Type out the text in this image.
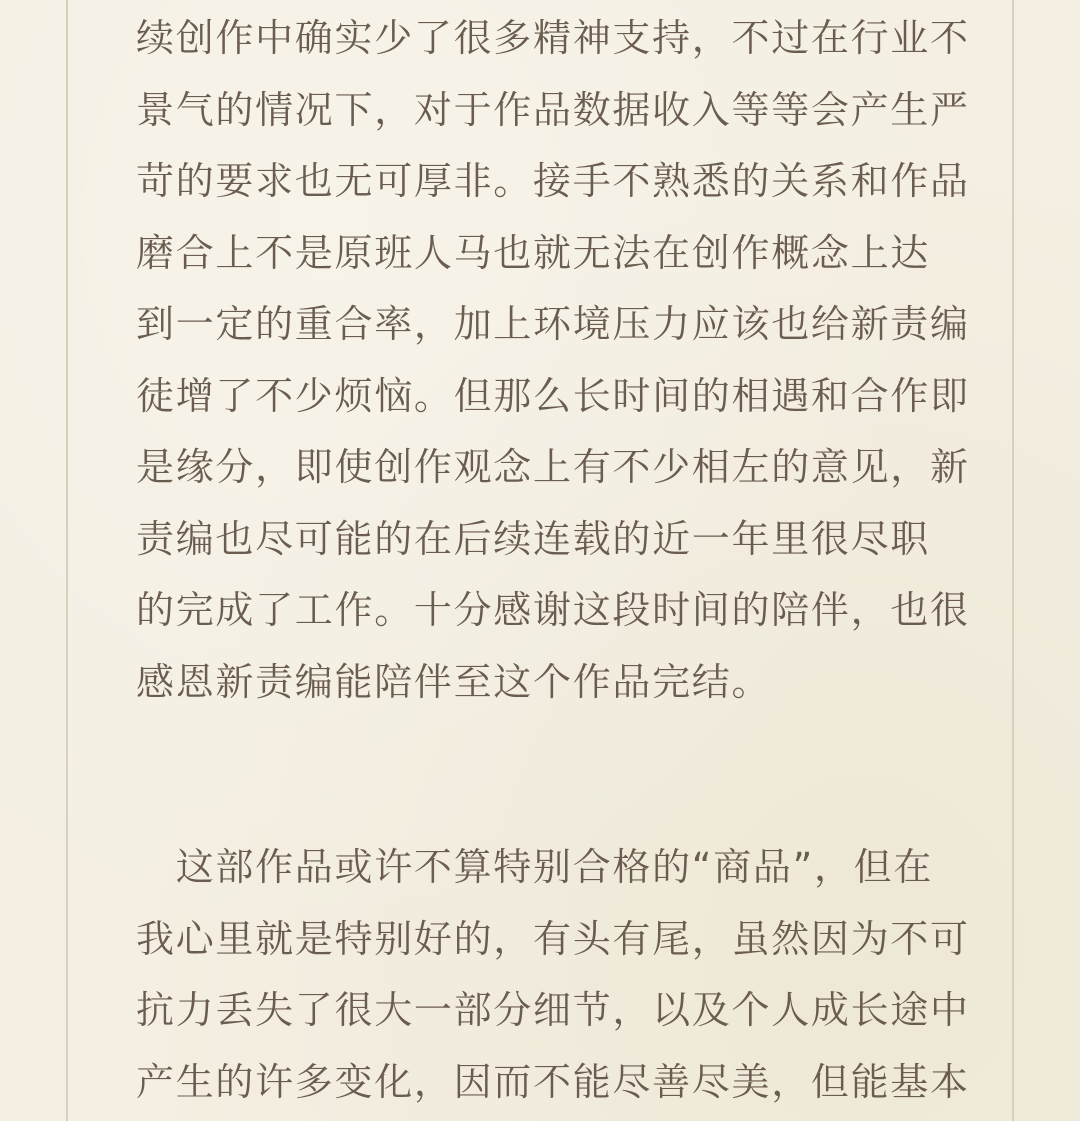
续创作中确实少了很多精神支持，不过在行业不
景气的情况下，对于作品数据收入等等会产生严
苛的要求也无可厚非。接手不熟悉的关系和作品
磨合上不是原班人马也就无法在创作概念上达
到一定的重合率，加上环境压力应该也给新责编
徒增了不少烦恼。但那么长时间的相遇和合作即
是缘分，即使创作观念上有不少相左的意见，新
责编也尽可能的在后续连载的近一年里很尽职
的完成了工作。十分感谢这段时间的陪伴，也很
感恩新责编能陪伴至这个作品完结。
　这部作品或许不算特别合格的“商品”，但在
我心里就是特别好的，有头有尾，虽然因为不可
抗力丢失了很大一部分细节，以及个人成长途中
产生的许多变化，因而不能尽善尽美，但能基本
